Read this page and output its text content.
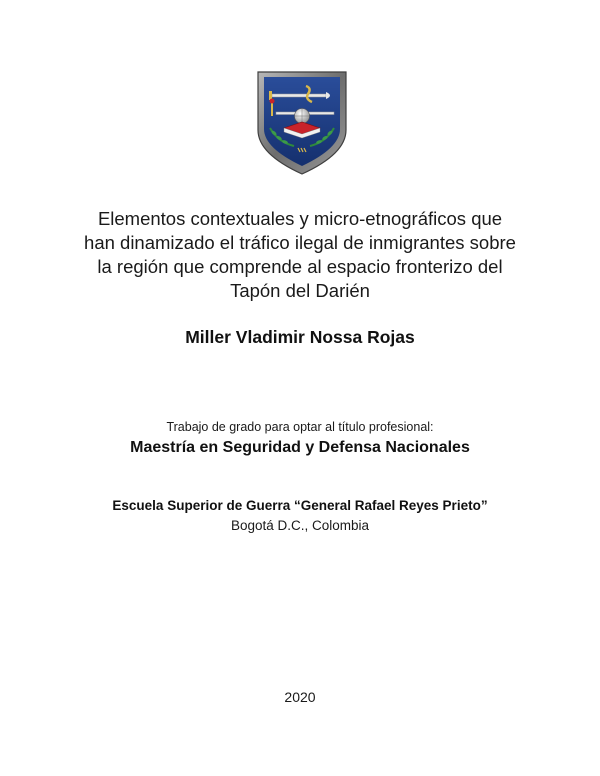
Elementos contextuales y micro-etnográficos que
han dinamizado el tráfico ilegal de inmigrantes sobre
la región que comprende al espacio fronterizo del
Tapón del Darién
Miller Vladimir Nossa Rojas
Trabajo de grado para optar al título profesional:
Maestría en Seguridad y Defensa Nacionales
Escuela Superior de Guerra “General Rafael Reyes Prieto”
Bogotá D.C., Colombia
2020
